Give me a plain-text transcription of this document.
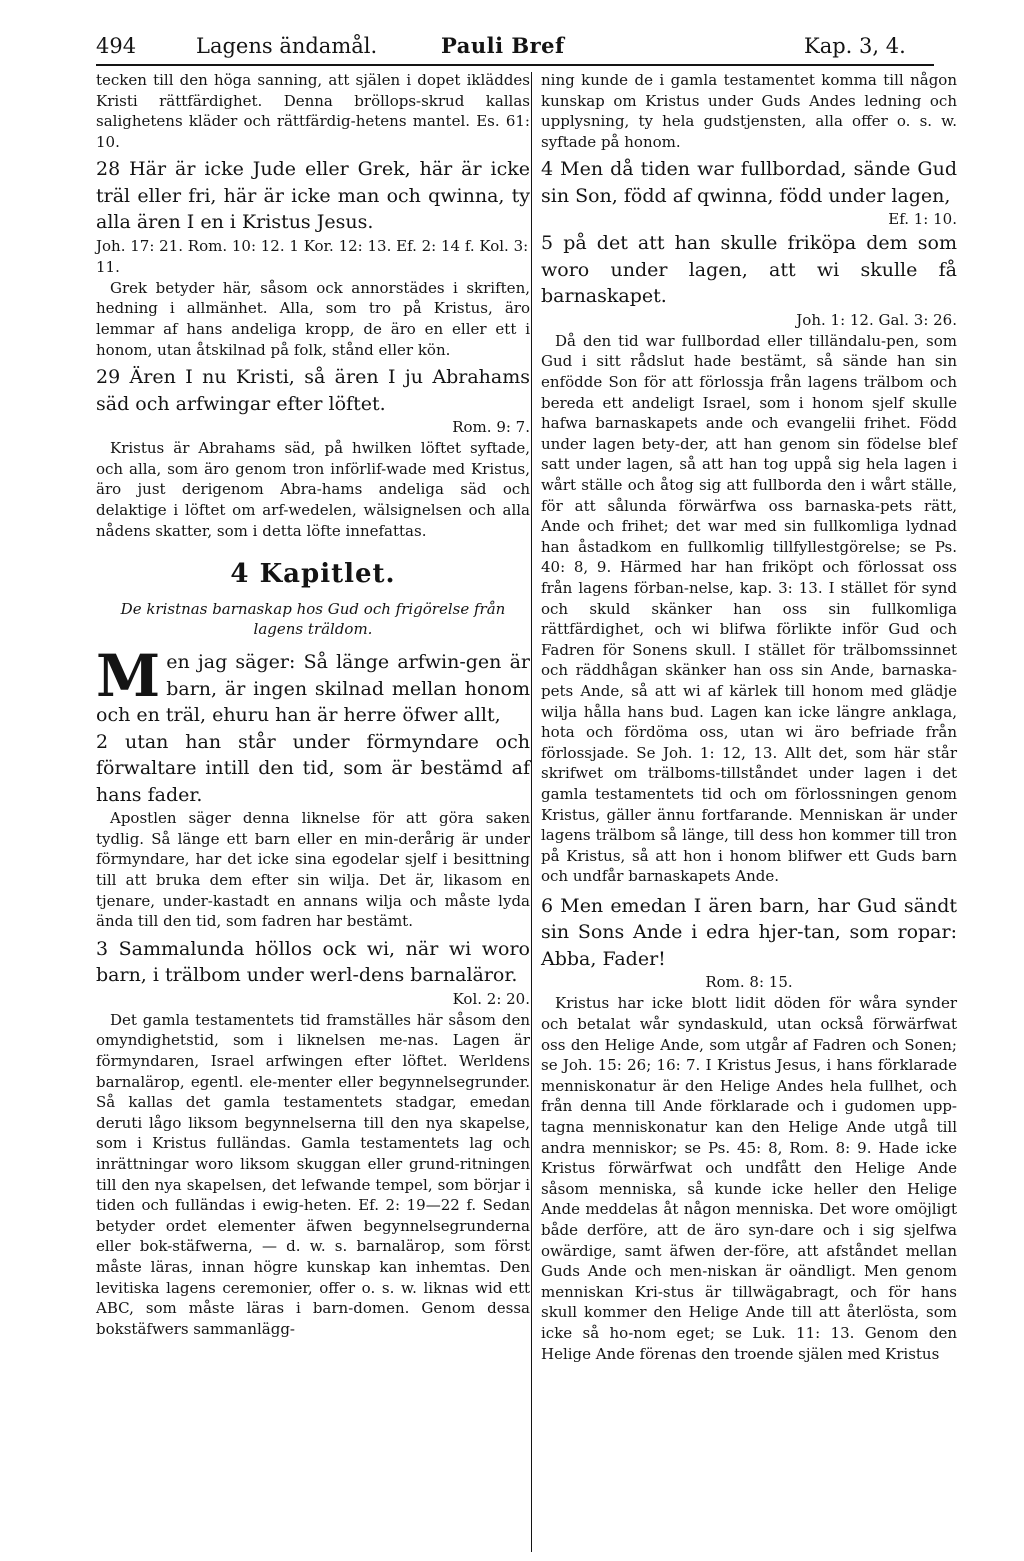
494	Lagens ändamål.	Pauli Bref	Kap. 3, 4.

tecken till den höga sanning, att själen i dopet ikläddes Kristi rättfärdighet. Denna bröllops-skrud kallas salighetens kläder och rättfärdig-hetens mantel. Es. 61: 10.

28 Här är icke Jude eller Grek, här är icke träl eller fri, här är icke man och qwinna, ty alla ären I en i Kristus Jesus.

Joh. 17: 21. Rom. 10: 12. 1 Kor. 12: 13. Ef. 2: 14 f. Kol. 3: 11.

Grek betyder här, såsom ock annorstädes i skriften, hedning i allmänhet. Alla, som tro på Kristus, äro lemmar af hans andeliga kropp, de äro en eller ett i honom, utan åtskilnad på folk, stånd eller kön.

29 Ären I nu Kristi, så ären I ju Abrahams säd och arfwingar efter löftet.

Rom. 9: 7.

Kristus är Abrahams säd, på hwilken löftet syftade, och alla, som äro genom tron införlif-wade med Kristus, äro just derigenom Abra-hams andeliga säd och delaktige i löftet om arf-wedelen, wälsignelsen och alla nådens skatter, som i detta löfte innefattas.

4 Kapitlet.

De kristnas barnaskap hos Gud och frigörelse från lagens träldom.

Men jag säger: Så länge arfwin-gen är barn, är ingen skilnad mellan honom och en träl, ehuru han är herre öfwer allt,

2 utan han står under förmyndare och förwaltare intill den tid, som är bestämd af hans fader.

Apostlen säger denna liknelse för att göra saken tydlig. Så länge ett barn eller en min-derårig är under förmyndare, har det icke sina egodelar sjelf i besittning till att bruka dem efter sin wilja. Det är, likasom en tjenare, under-kastadt en annans wilja och måste lyda ända till den tid, som fadren har bestämt.

3 Sammalunda höllos ock wi, när wi woro barn, i trälbom under werl-dens barnaläror.

Kol. 2: 20.

Det gamla testamentets tid framställes här såsom den omyndighetstid, som i liknelsen me-nas. Lagen är förmyndaren, Israel arfwingen efter löftet. Werldens barnalärор, egentl. ele-menter eller begynnelsegrunder. Så kallas det gamla testamentets stadgar, emedan deruti lågo liksom begynnelserna till den nya skapelse, som i Kristus fulländas. Gamla testamentets lag och inrättningar woro liksom skuggan eller grund-ritningen till den nya skapelsen, det lefwande tempel, som börjar i tiden och fulländas i ewig-heten. Ef. 2: 19—22 f. Sedan betyder ordet elementer äfwen begynnelsegrunderna eller bok-stäfwerna, — d. w. s. barnalärор, som först måste läras, innan högre kunskap kan inhemtas. Den levitiska lagens ceremonier, offer o. s. w. liknas wid ett ABC, som måste läras i barn-domen. Genom dessa bokstäfwers sammanlägg-

ning kunde de i gamla testamentet komma till någon kunskap om Kristus under Guds Andes ledning och upplysning, ty hela gudstjensten, alla offer o. s. w. syftade på honom.

4 Men då tiden war fullbordad, sände Gud sin Son, född af qwinna, född under lagen,

Ef. 1: 10.

5 på det att han skulle friköpa dem som woro under lagen, att wi skulle få barnaskapet.

Joh. 1: 12. Gal. 3: 26.

Då den tid war fullbordad eller tilländalu-pen, som Gud i sitt rådslut hade bestämt, så sände han sin enfödde Son för att förlossja från lagens trälbom och bereda ett andeligt Israel, som i honom sjelf skulle hafwa barnaskapets ande och evangelii frihet. Född under lagen bety-der, att han genom sin födelse blef satt under lagen, så att han tog uppå sig hela lagen i wårt ställe och åtog sig att fullborda den i wårt ställe, för att sålunda förwärfwa oss barnaska-pets rätt, Ande och frihet; det war med sin fullkomliga lydnad han åstadkom en fullkomlig tillfyllestgörelse; se Ps. 40: 8, 9. Härmed har han friköpt och förlossat oss från lagens förban-nelse, kap. 3: 13. I stället för synd och skuld skänker han oss sin fullkomliga rättfärdighet, och wi blifwa förlikte inför Gud och Fadren för Sonens skull. I stället för trälbomssinnet och räddhågan skänker han oss sin Ande, barnaska-pets Ande, så att wi af kärlek till honom med glädje wilja hålla hans bud. Lagen kan icke längre anklaga, hota och fördöma oss, utan wi äro befriade från förlossjade. Se Joh. 1: 12, 13. Allt det, som här står skrifwet om trälboms-tillståndet under lagen i det gamla testamentets tid och om förlossningen genom Kristus, gäller ännu fortfarande. Menniskan är under lagens trälbom så länge, till dess hon kommer till tron på Kristus, så att hon i honom blifwer ett Guds barn och undfår barnaskapets Ande.

6 Men emedan I ären barn, har Gud sändt sin Sons Ande i edra hjer-tan, som ropar: Abba, Fader!

Rom. 8: 15.

Kristus har icke blott lidit döden för wåra synder och betalat wår syndaskuld, utan också förwärfwat oss den Helige Ande, som utgår af Fadren och Sonen; se Joh. 15: 26; 16: 7. I Kristus Jesus, i hans förklarade menniskonatur är den Helige Andes hela fullhet, och från denna till Ande förklarade och i gudomen upp-tagna menniskonatur kan den Helige Ande utgå till andra menniskor; se Ps. 45: 8, Rom. 8: 9. Hade icke Kristus förwärfwat och undfått den Helige Ande såsom menniska, så kunde icke heller den Helige Ande meddelas åt någon menniska. Det wore omöjligt både derföre, att de äro syn-dare och i sig sjelfwa owärdige, samt äfwen der-före, att afståndet mellan Guds Ande och men-niskan är oändligt. Men genom menniskan Kri-stus är tillwägabragt, och för hans skull kommer den Helige Ande till att återlösta, som icke så ho-nom eget; se Luk. 11: 13. Genom den Helige Ande förenas den troende själen med Kristus
